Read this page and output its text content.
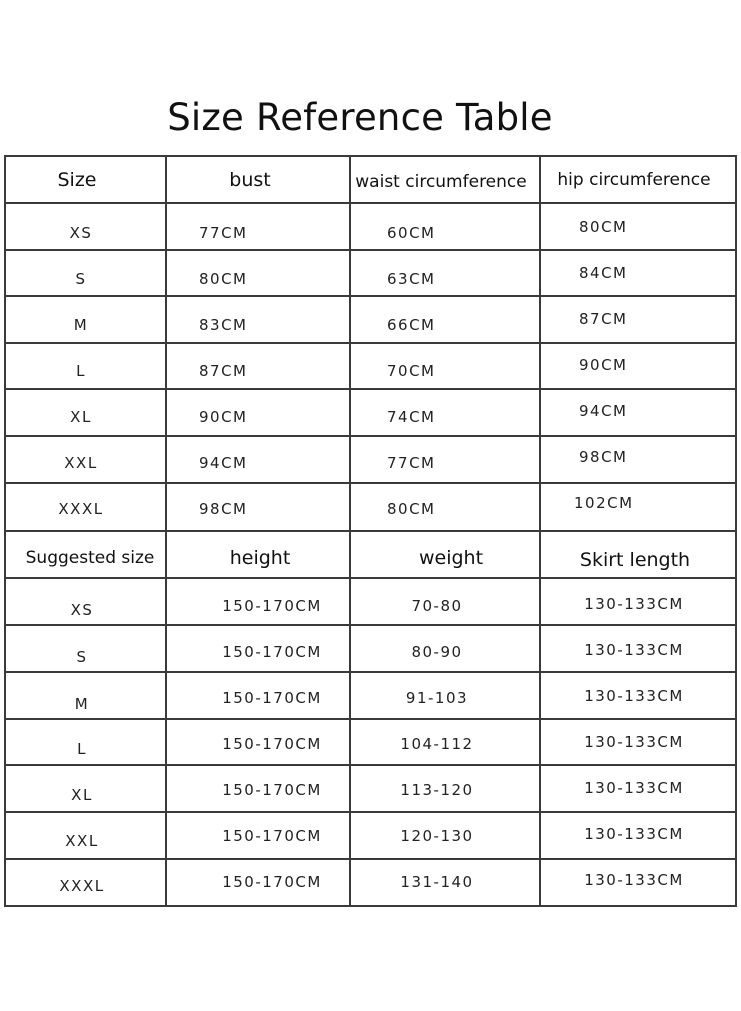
Size Reference Table
Size	bust	waist circumference	hip circumference
XS	77CM	60CM	80CM
S	80CM	63CM	84CM
M	83CM	66CM	87CM
L	87CM	70CM	90CM
XL	90CM	74CM	94CM
XXL	94CM	77CM	98CM
XXXL	98CM	80CM	102CM
Suggested size	height	weight	Skirt length
XS	150-170CM	70-80	130-133CM
S	150-170CM	80-90	130-133CM
M	150-170CM	91-103	130-133CM
L	150-170CM	104-112	130-133CM
XL	150-170CM	113-120	130-133CM
XXL	150-170CM	120-130	130-133CM
XXXL	150-170CM	131-140	130-133CM
